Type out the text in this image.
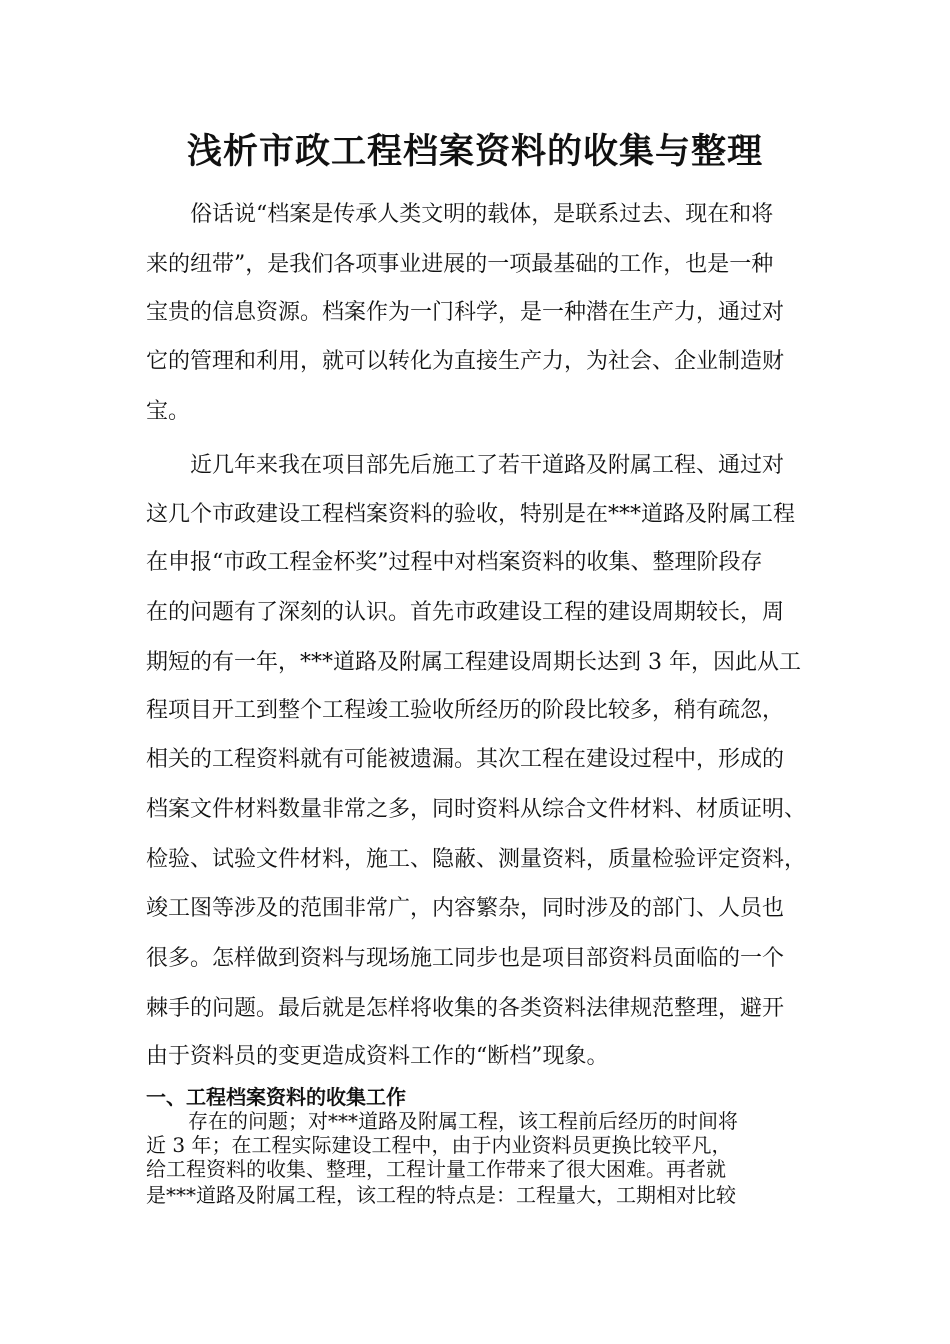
浅析市政工程档案资料的收集与整理
俗话说“档案是传承人类文明的载体，是联系过去、现在和将
来的纽带”，是我们各项事业进展的一项最基础的工作，也是一种
宝贵的信息资源。档案作为一门科学，是一种潜在生产力，通过对
它的管理和利用，就可以转化为直接生产力，为社会、企业制造财
宝。
近几年来我在项目部先后施工了若干道路及附属工程、通过对
这几个市政建设工程档案资料的验收，特别是在***道路及附属工程
在申报“市政工程金杯奖”过程中对档案资料的收集、整理阶段存
在的问题有了深刻的认识。首先市政建设工程的建设周期较长，周
期短的有一年，***道路及附属工程建设周期长达到 3 年，因此从工
程项目开工到整个工程竣工验收所经历的阶段比较多，稍有疏忽，
相关的工程资料就有可能被遗漏。其次工程在建设过程中，形成的
档案文件材料数量非常之多，同时资料从综合文件材料、材质证明、
检验、试验文件材料，施工、隐蔽、测量资料，质量检验评定资料，
竣工图等涉及的范围非常广，内容繁杂，同时涉及的部门、人员也
很多。怎样做到资料与现场施工同步也是项目部资料员面临的一个
棘手的问题。最后就是怎样将收集的各类资料法律规范整理，避开
由于资料员的变更造成资料工作的“断档”现象。
一、工程档案资料的收集工作
存在的问题；对***道路及附属工程，该工程前后经历的时间将
近 3 年；在工程实际建设工程中，由于内业资料员更换比较平凡，
给工程资料的收集、整理，工程计量工作带来了很大困难。再者就
是***道路及附属工程，该工程的特点是：工程量大，工期相对比较
